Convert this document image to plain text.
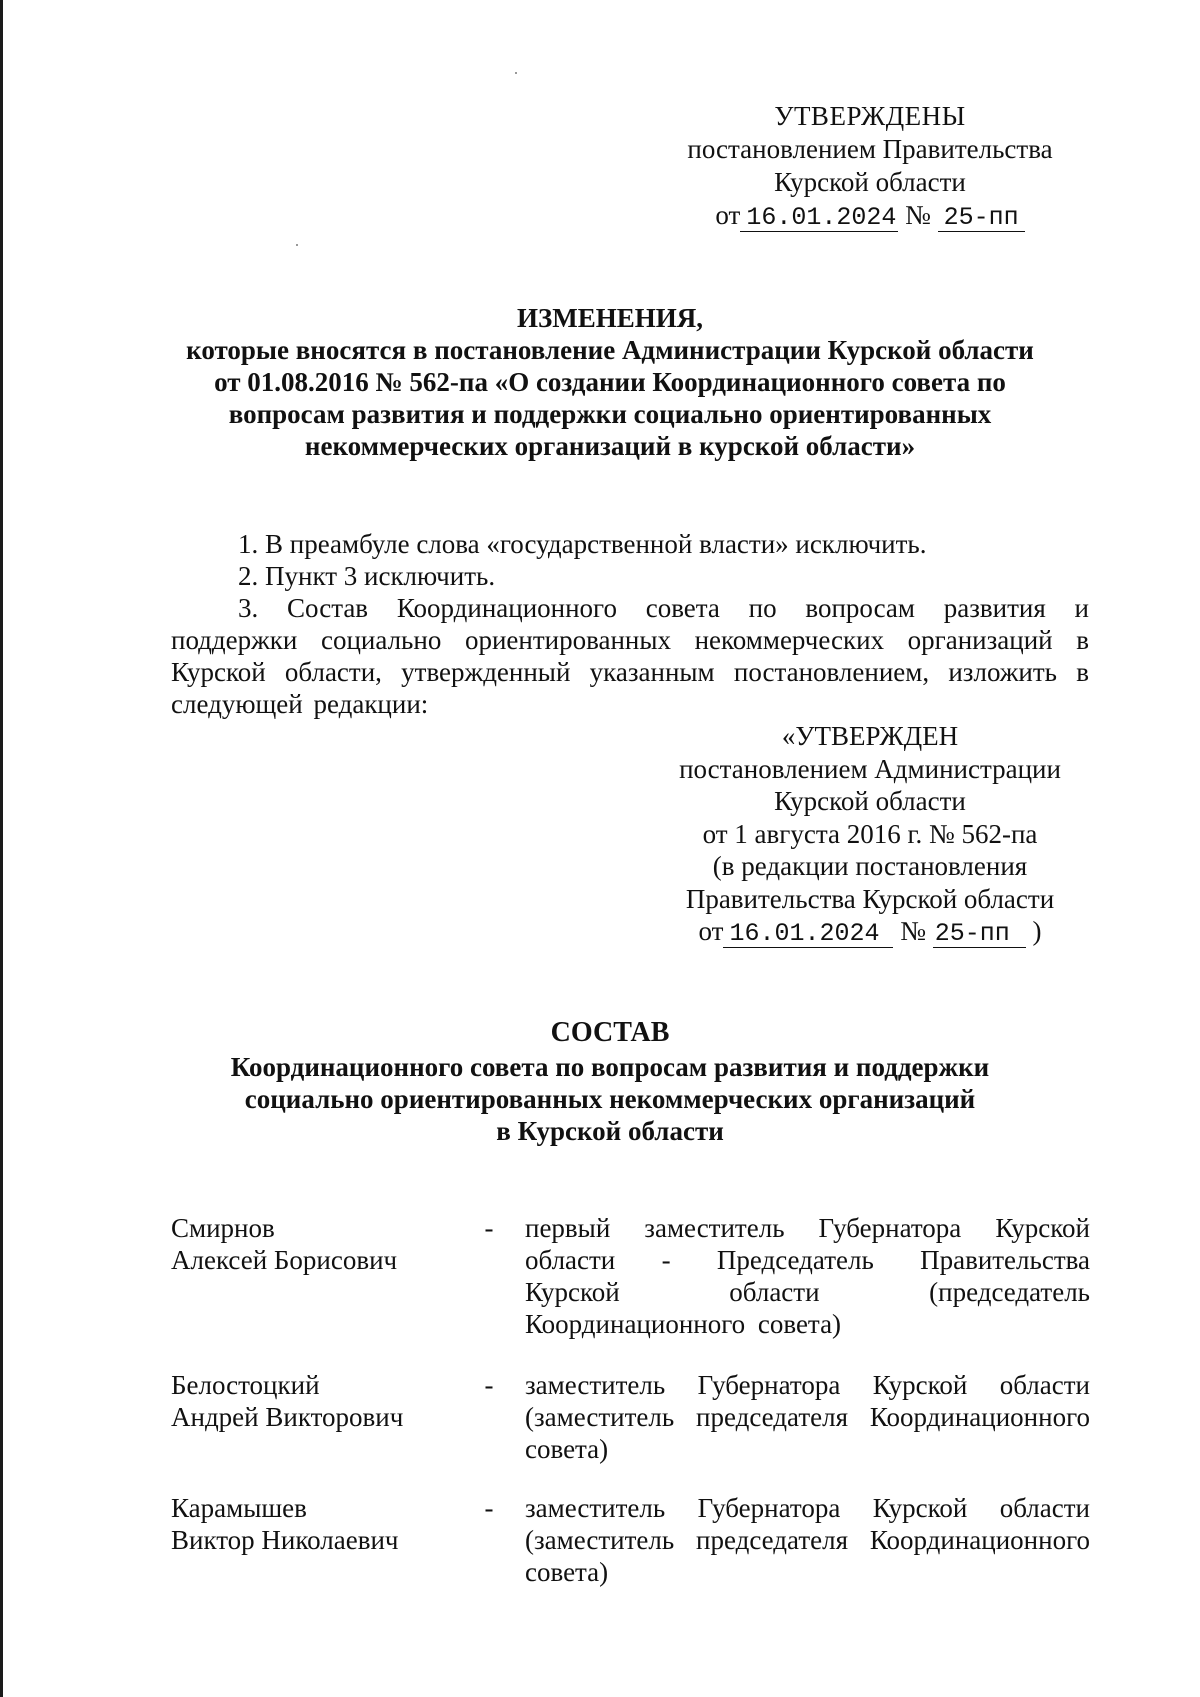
УТВЕРЖДЕНЫ
постановлением Правительства
Курской области
от 16.01.2024 № 25-пп
ИЗМЕНЕНИЯ,
которые вносятся в постановление Администрации Курской области
от 01.08.2016 № 562-па «О создании Координационного совета по
вопросам развития и поддержки социально ориентированных
некоммерческих организаций в курской области»

1. В преамбуле слова «государственной власти» исключить.

2. Пункт 3 исключить.

3. Состав Координационного совета по вопросам развития и поддержки социально ориентированных некоммерческих организаций в Курской области, утвержденный указанным постановлением, изложить в следующей редакции:

«УТВЕРЖДЕН
постановлением Администрации
Курской области
от 1 августа 2016 г. № 562-па
(в редакции постановления
Правительства Курской области
от 16.01.2024 № 25-пп )
СОСТАВ
Координационного совета по вопросам развития и поддержки
социально ориентированных некоммерческих организаций
в Курской области
Смирнов
Алексей Борисович
- первый заместитель Губернатора Курской области - Председатель Правительства Курской области (председатель Координационного совета)
Белостоцкий
Андрей Викторович
- заместитель Губернатора Курской области (заместитель председателя Координационного совета)
Карамышев
Виктор Николаевич
- заместитель Губернатора Курской области (заместитель председателя Координационного совета)
